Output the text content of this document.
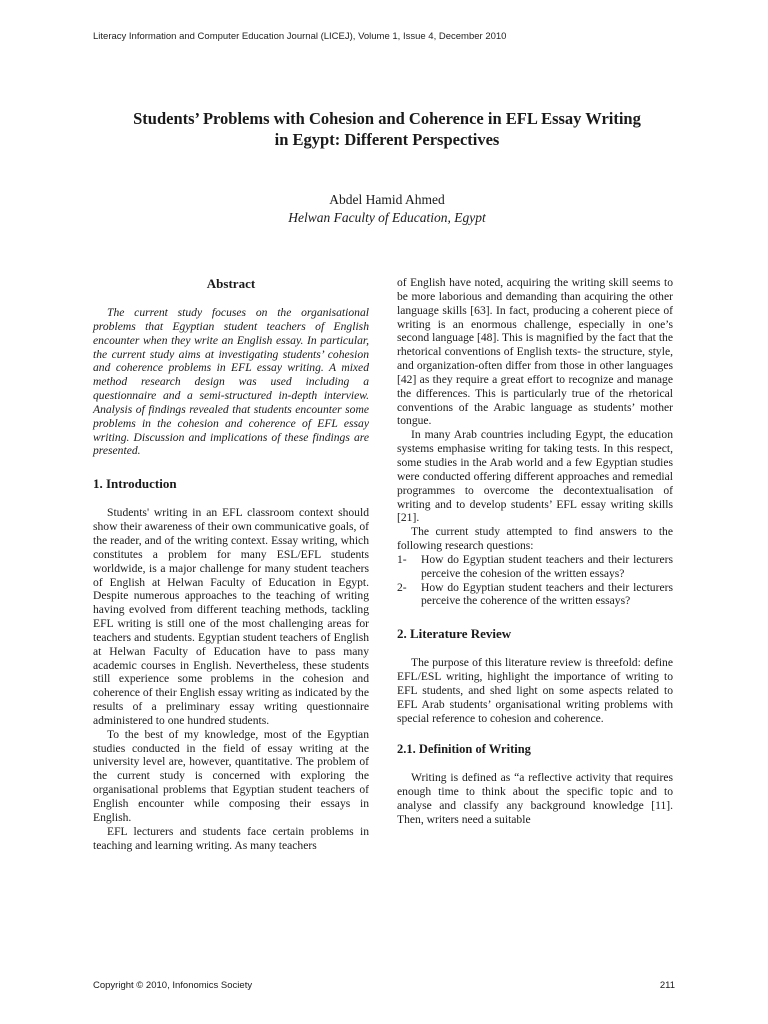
Literacy Information and Computer Education Journal (LICEJ), Volume 1, Issue 4, December 2010
Students’ Problems with Cohesion and Coherence in EFL Essay Writing
in Egypt: Different Perspectives
Abdel Hamid Ahmed
Helwan Faculty of Education, Egypt
Abstract

The current study focuses on the organisational problems that Egyptian student teachers of English encounter when they write an English essay. In particular, the current study aims at investigating students’ cohesion and coherence problems in EFL essay writing. A mixed method research design was used including a questionnaire and a semi-structured in-depth interview. Analysis of findings revealed that students encounter some problems in the cohesion and coherence of EFL essay writing. Discussion and implications of these findings are presented.

1. Introduction

Students' writing in an EFL classroom context should show their awareness of their own communicative goals, of the reader, and of the writing context. Essay writing, which constitutes a problem for many ESL/EFL students worldwide, is a major challenge for many student teachers of English at Helwan Faculty of Education in Egypt. Despite numerous approaches to the teaching of writing having evolved from different teaching methods, tackling EFL writing is still one of the most challenging areas for teachers and students. Egyptian student teachers of English at Helwan Faculty of Education have to pass many academic courses in English. Nevertheless, these students still experience some problems in the cohesion and coherence of their English essay writing as indicated by the results of a preliminary essay writing questionnaire administered to one hundred students.

To the best of my knowledge, most of the Egyptian studies conducted in the field of essay writing at the university level are, however, quantitative. The problem of the current study is concerned with exploring the organisational problems that Egyptian student teachers of English encounter while composing their essays in English.

EFL lecturers and students face certain problems in teaching and learning writing. As many teachers

of English have noted, acquiring the writing skill seems to be more laborious and demanding than acquiring the other language skills [63]. In fact, producing a coherent piece of writing is an enormous challenge, especially in one’s second language [48]. This is magnified by the fact that the rhetorical conventions of English texts- the structure, style, and organization-often differ from those in other languages [42] as they require a great effort to recognize and manage the differences. This is particularly true of the rhetorical conventions of the Arabic language as students’ mother tongue.

In many Arab countries including Egypt, the education systems emphasise writing for taking tests. In this respect, some studies in the Arab world and a few Egyptian studies were conducted offering different approaches and remedial programmes to overcome the decontextualisation of writing and to develop students’ EFL essay writing skills [21].

The current study attempted to find answers to the following research questions:

1-	How do Egyptian student teachers and their lecturers perceive the cohesion of the written essays?
2-	How do Egyptian student teachers and their lecturers perceive the coherence of the written essays?
2. Literature Review

The purpose of this literature review is threefold: define EFL/ESL writing, highlight the importance of writing to EFL students, and shed light on some aspects related to EFL Arab students’ organisational writing problems with special reference to cohesion and coherence.

2.1. Definition of Writing

Writing is defined as “a reflective activity that requires enough time to think about the specific topic and to analyse and classify any background knowledge [11]. Then, writers need a suitable

Copyright © 2010, Infonomics Society	211
